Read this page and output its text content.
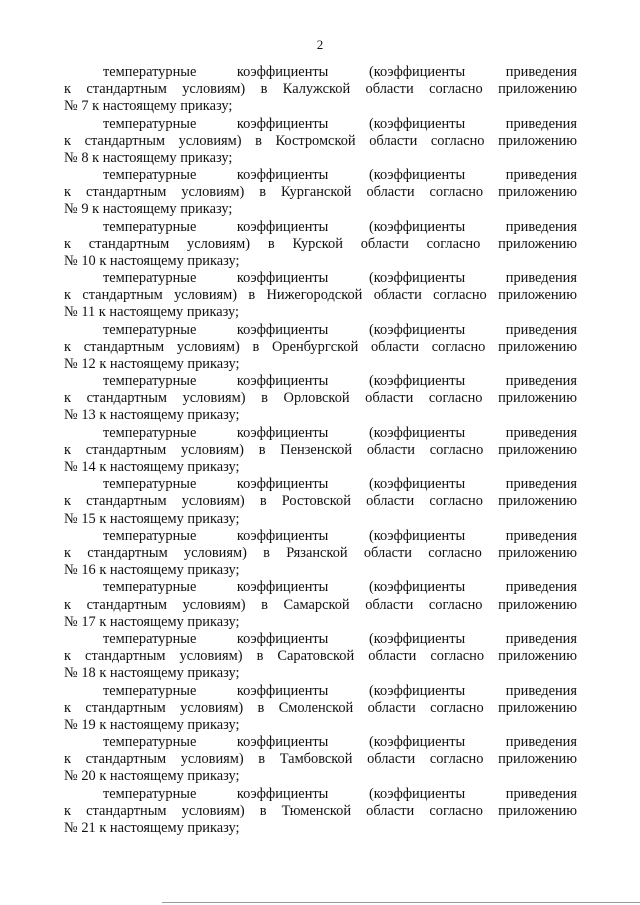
2
температурные коэффициенты (коэффициенты приведения
к стандартным условиям) в Калужской области согласно приложению
№ 7 к настоящему приказу;
температурные коэффициенты (коэффициенты приведения
к стандартным условиям) в Костромской области согласно приложению
№ 8 к настоящему приказу;
температурные коэффициенты (коэффициенты приведения
к стандартным условиям) в Курганской области согласно приложению
№ 9 к настоящему приказу;
температурные коэффициенты (коэффициенты приведения
к стандартным условиям) в Курской области согласно приложению
№ 10 к настоящему приказу;
температурные коэффициенты (коэффициенты приведения
к стандартным условиям) в Нижегородской области согласно приложению
№ 11 к настоящему приказу;
температурные коэффициенты (коэффициенты приведения
к стандартным условиям) в Оренбургской области согласно приложению
№ 12 к настоящему приказу;
температурные коэффициенты (коэффициенты приведения
к стандартным условиям) в Орловской области согласно приложению
№ 13 к настоящему приказу;
температурные коэффициенты (коэффициенты приведения
к стандартным условиям) в Пензенской области согласно приложению
№ 14 к настоящему приказу;
температурные коэффициенты (коэффициенты приведения
к стандартным условиям) в Ростовской области согласно приложению
№ 15 к настоящему приказу;
температурные коэффициенты (коэффициенты приведения
к стандартным условиям) в Рязанской области согласно приложению
№ 16 к настоящему приказу;
температурные коэффициенты (коэффициенты приведения
к стандартным условиям) в Самарской области согласно приложению
№ 17 к настоящему приказу;
температурные коэффициенты (коэффициенты приведения
к стандартным условиям) в Саратовской области согласно приложению
№ 18 к настоящему приказу;
температурные коэффициенты (коэффициенты приведения
к стандартным условиям) в Смоленской области согласно приложению
№ 19 к настоящему приказу;
температурные коэффициенты (коэффициенты приведения
к стандартным условиям) в Тамбовской области согласно приложению
№ 20 к настоящему приказу;
температурные коэффициенты (коэффициенты приведения
к стандартным условиям) в Тюменской области согласно приложению
№ 21 к настоящему приказу;
